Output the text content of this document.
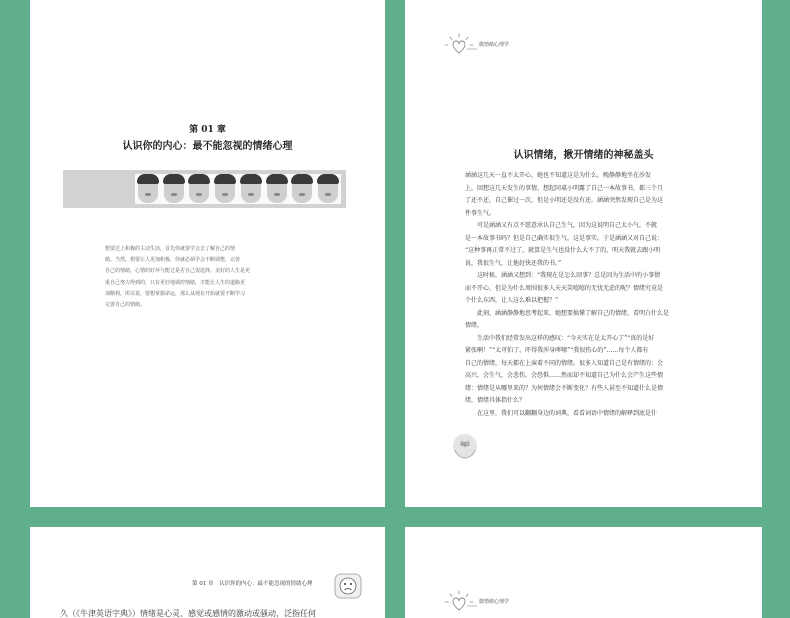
第 01 章
认识你的内心：最不能忽视的情绪心理
想要过上积极的主动生活，首先你就要学会去了解自己的情
绪。当然，想要让人更加积极，你就必须学会不断调整，完善
自己的情绪，心情的好坏与能过是否自己很选择。美好的人生是更
重自己努力得到的，只有更好地调控情绪，才能让人生的道路更
加顺利。所以说，要想掌握命运，那么从现在开始就要不断学习
完善自己的情绪。
微情绪心理学
认识情绪，揪开情绪的神秘盖头
涵涵这几天一直不太开心，她也不知道这是为什么。晚静静地坐在沙发
上，回想这几天发生的事情，想起同桌小明露了自己一本故事书，都三个月
了还不还，自己催过一次，但是小明还是没有还。涵涵突然发现自己是为这
件事生气。
可是涵涵又有点不愿意承认自己生气，因为这说明自己太小气，不就
是一本故事书吗？但是自己确实很生气，这是事实。于是涵涵又对自己说：
“这种事再正常不过了，就算是生气也没什么大不了的，明天我就去跟小明
说，我很生气，让他赶快还我的书。”
这时候，涵涵又想到：“我现在是怎么回事？总是因为生活中的小事情
而不开心，但是为什么周围很多人天天笑嘻嘻的无忧无虑的呢？情绪究竟是
个什么东西，让人这么难以把握？”
此刻，涵涵静静地思考起来，她想要搞懂了解自己的情绪，看明白什么是
情绪。
生活中我们经常发出这样的感叹：“今天实在是太开心了”“真的是好
紧张啊！”“太可怕了，吓得我浑身哆嗦”“我很伤心的”……每个人都有
自己的情绪，每天都在上演着不同的情绪。很多人知道自己是有情绪的：会
高兴，会生气，会悲伤，会恐惧……然而却不知道自己为什么会产生这些情
绪：情绪是从哪里来的？为何情绪会不断变化？有些人甚至不知道什么是情
绪，情绪具体指什么？
在这里，我们可以翻翻身边的词典，看看词语中情绪的解释到底是什
002
第 01 章　认识你的内心：最不能忽视的情绪心理
久（《牛津英语字典》）情绪是心灵、感觉或感情的激动或骚动，泛指任何
微情绪心理学
